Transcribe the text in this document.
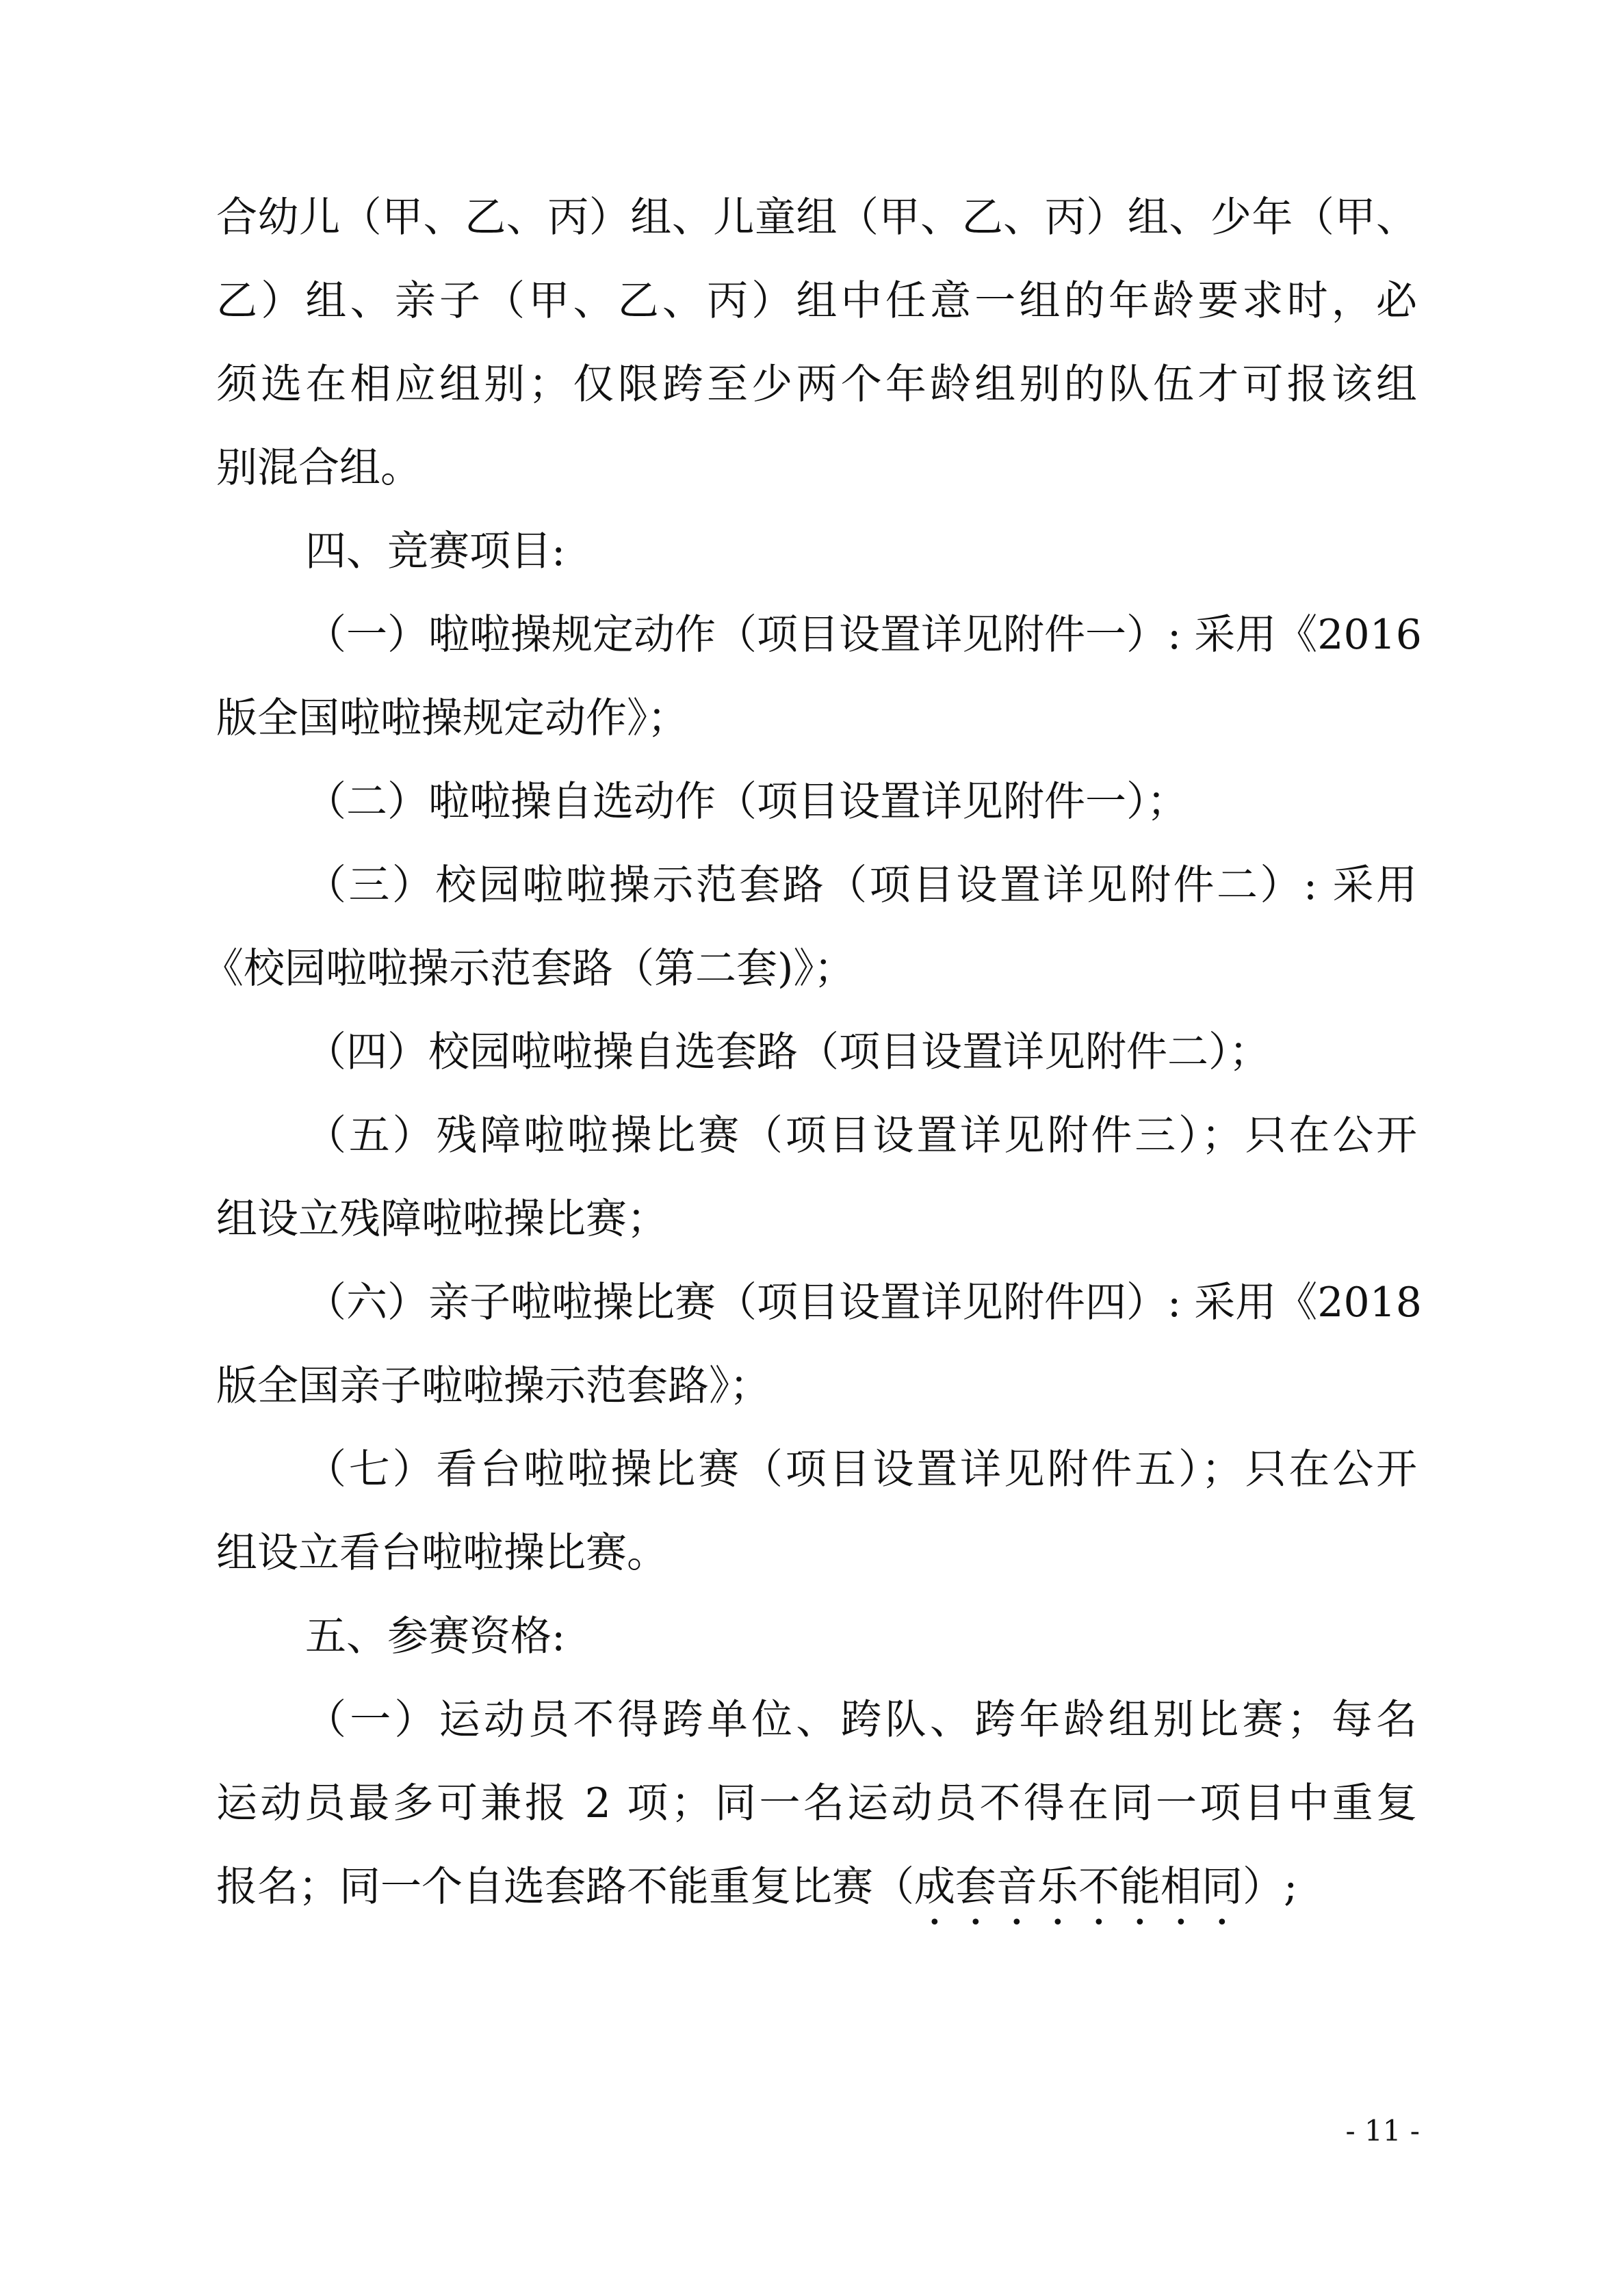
合幼儿（甲、乙、丙）组、儿童组（甲、乙、丙）组、少年（甲、

乙）组、亲子（甲、乙、丙）组中任意一组的年龄要求时，必

须选在相应组别；仅限跨至少两个年龄组别的队伍才可报该组

别混合组。

四、竞赛项目:

（一）啦啦操规定动作（项目设置详见附件一）: 采用《2016

版全国啦啦操规定动作》；

（二）啦啦操自选动作（项目设置详见附件一）；

（三）校园啦啦操示范套路（项目设置详见附件二）: 采用

《校园啦啦操示范套路（第二套)》；

（四）校园啦啦操自选套路（项目设置详见附件二）；

（五）残障啦啦操比赛（项目设置详见附件三）；只在公开

组设立残障啦啦操比赛；

（六）亲子啦啦操比赛（项目设置详见附件四）: 采用《2018

版全国亲子啦啦操示范套路》；

（七）看台啦啦操比赛（项目设置详见附件五）；只在公开

组设立看台啦啦操比赛。

五、参赛资格:

（一）运动员不得跨单位、跨队、跨年龄组别比赛；每名

运动员最多可兼报 2 项；同一名运动员不得在同一项目中重复

报名；同一个自选套路不能重复比赛（成套音乐不能相同）;

- 11 -
